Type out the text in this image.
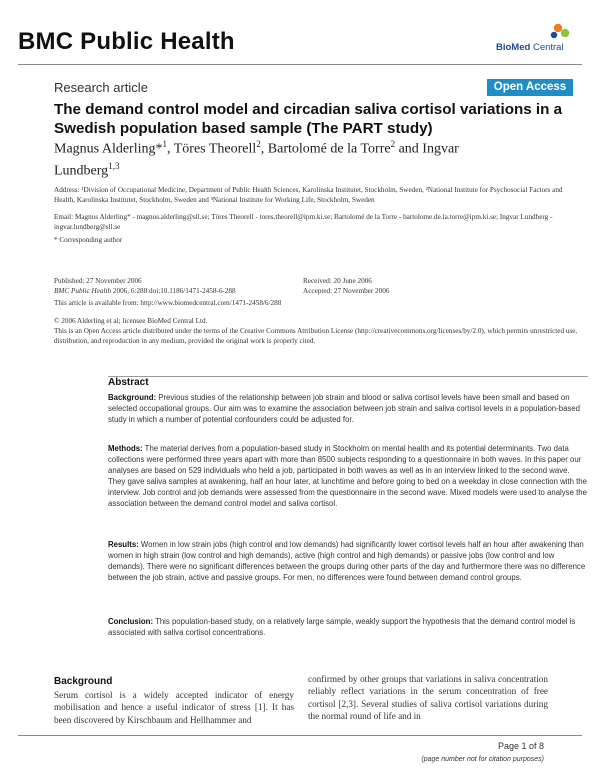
BMC Public Health	BioMed Central
Research article	Open Access
The demand control model and circadian saliva cortisol variations in a Swedish population based sample (The PART study)
Magnus Alderling*$^1$, Töres Theorell$^2$, Bartolomé de la Torre$^2$ and Ingvar Lundberg$^{1,3}$
Address: ¹Division of Occupational Medicine, Department of Public Health Sciences, Karolinska Institutet, Stockholm, Sweden, ²National Institute for Psychosocial Factors and Health, Karolinska Institutet, Stockholm, Sweden and ³National Institute for Working Life, Stockholm, Sweden
Email: Magnus Alderling* - magnus.alderling@sll.se; Töres Theorell - tores.theorell@ipm.ki.se; Bartolomé de la Torre - bartolome.de.la.torre@ipm.ki.se; Ingvar Lundberg - ingvar.lundberg@sll.se
* Corresponding author
Published: 27 November 2006
BMC Public Health 2006, 6:288 doi:10.1186/1471-2458-6-288
Received: 20 June 2006
Accepted: 27 November 2006
This article is available from: http://www.biomedcentral.com/1471-2458/6/288
© 2006 Alderling et al; licensee BioMed Central Ltd.
This is an Open Access article distributed under the terms of the Creative Commons Attribution License (http://creativecommons.org/licenses/by/2.0), which permits unrestricted use, distribution, and reproduction in any medium, provided the original work is properly cited.
Abstract
Background: Previous studies of the relationship between job strain and blood or saliva cortisol levels have been small and based on selected occupational groups. Our aim was to examine the association between job strain and saliva cortisol levels in a population-based study in which a number of potential confounders could be adjusted for.
Methods: The material derives from a population-based study in Stockholm on mental health and its potential determinants. Two data collections were performed three years apart with more than 8500 subjects responding to a questionnaire in both waves. In this paper our analyses are based on 529 individuals who held a job, participated in both waves as well as in an interview linked to the second wave. They gave saliva samples at awakening, half an hour later, at lunchtime and before going to bed on a weekday in close connection with the interview. Job control and job demands were assessed from the questionnaire in the second wave. Mixed models were used to analyse the association between the demand control model and saliva cortisol.
Results: Women in low strain jobs (high control and low demands) had significantly lower cortisol levels half an hour after awakening than women in high strain (low control and high demands), active (high control and high demands) or passive jobs (low control and low demands). There were no significant differences between the groups during other parts of the day and furthermore there was no difference between the job strain, active and passive groups. For men, no differences were found between demand control groups.
Conclusion: This population-based study, on a relatively large sample, weakly support the hypothesis that the demand control model is associated with saliva cortisol concentrations.
Background
Serum cortisol is a widely accepted indicator of energy mobilisation and hence a useful indicator of stress [1]. It has been discovered by Kirschbaum and Hellhammer and
confirmed by other groups that variations in saliva concentration reliably reflect variations in the serum concentration of free cortisol [2,3]. Several studies of saliva cortisol variations during the normal round of life and in
Page 1 of 8
(page number not for citation purposes)
